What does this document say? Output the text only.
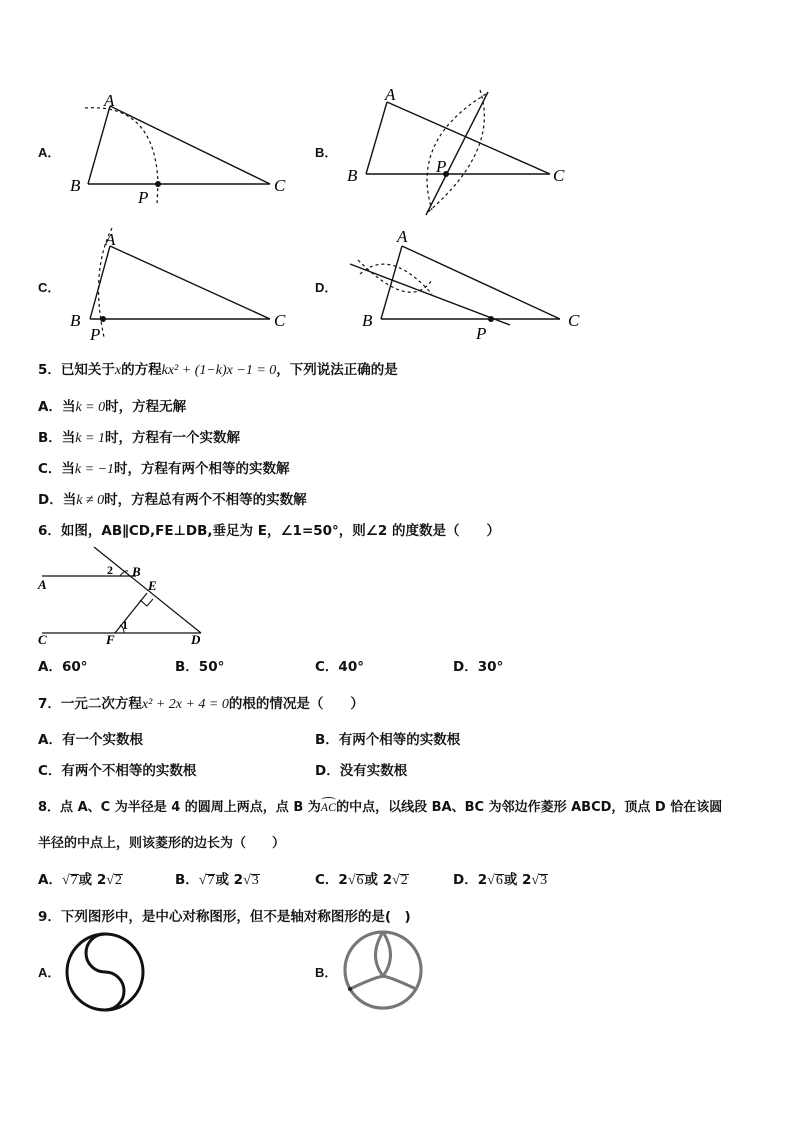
A．	B．
C．	D．
A
B	C
P
A
B	C
P
A
B	C
P
A
B	C
P
5．已知关于x的方程kx² + (1−k)x −1 = 0，下列说法正确的是
A．当k = 0时，方程无解
B．当k = 1时，方程有一个实数解
C．当k = −1时，方程有两个相等的实数解
D．当k ≠ 0时，方程总有两个不相等的实数解
6．如图，AB∥CD,FE⊥DB,垂足为 E，∠1=50°，则∠2 的度数是（　　）
A
B
C	D
E
F
1
2
A．60°	B．50°	C．40°	D．30°
7．一元二次方程x² + 2x + 4 = 0的根的情况是（　　）
A．有一个实数根	B．有两个相等的实数根
C．有两个不相等的实数根	D．没有实数根
8．点 A、C 为半径是 4 的圆周上两点，点 B 为
AC的中点，以线段 BA、BC 为邻边作菱形 ABCD，顶点 D 恰在该圆
半径的中点上，则该菱形的边长为（　　）
A．√7或 2√2	B．√7或 2√3	C．2√6或 2√2	D．2√6或 2√3
9．下列图形中，是中心对称图形，但不是轴对称图形的是(　)
A．	B．
